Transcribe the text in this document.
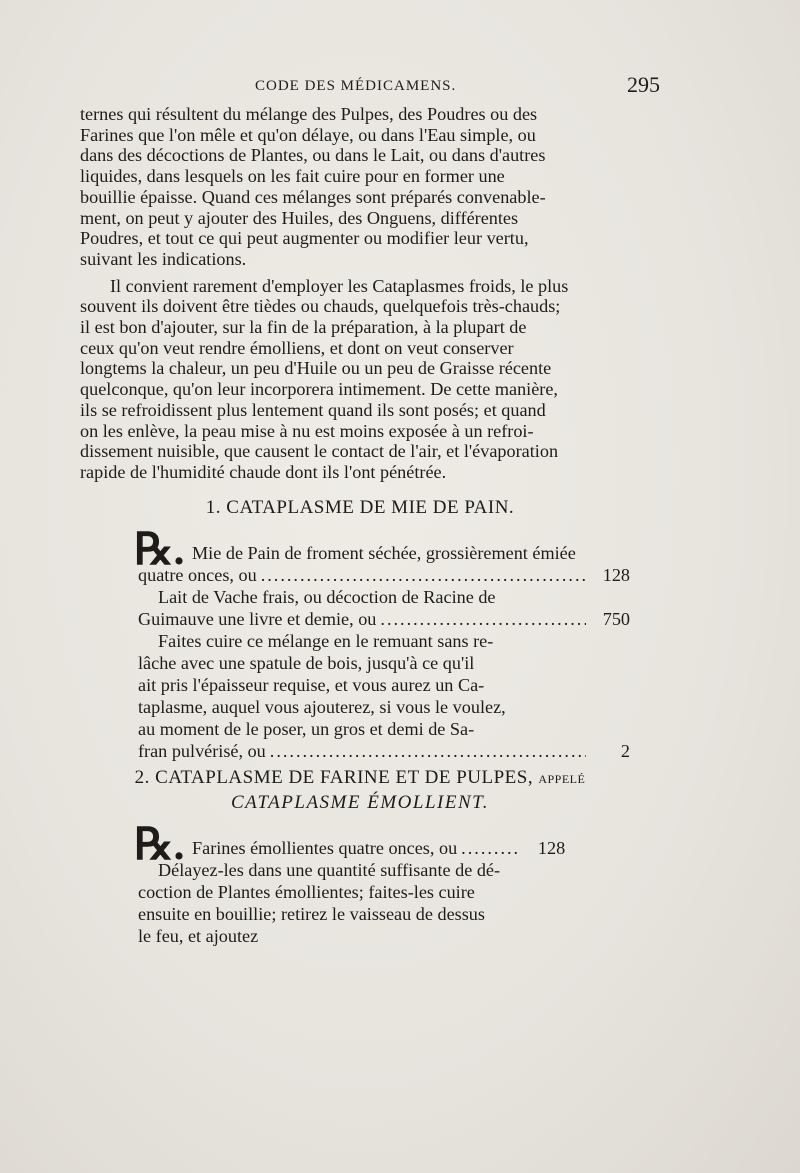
CODE DES MÉDICAMENS.	295

ternes qui résultent du mélange des Pulpes, des Poudres ou des
Farines que l'on mêle et qu'on délaye, ou dans l'Eau simple, ou
dans des décoctions de Plantes, ou dans le Lait, ou dans d'autres
liquides, dans lesquels on les fait cuire pour en former une
bouillie épaisse. Quand ces mélanges sont préparés convenable-
ment, on peut y ajouter des Huiles, des Onguens, différentes
Poudres, et tout ce qui peut augmenter ou modifier leur vertu,
suivant les indications.

Il convient rarement d'employer les Cataplasmes froids, le plus
souvent ils doivent être tièdes ou chauds, quelquefois très-chauds;
il est bon d'ajouter, sur la fin de la préparation, à la plupart de
ceux qu'on veut rendre émolliens, et dont on veut conserver
longtems la chaleur, un peu d'Huile ou un peu de Graisse récente
quelconque, qu'on leur incorporera intimement. De cette manière,
ils se refroidissent plus lentement quand ils sont posés; et quand
on les enlève, la peau mise à nu est moins exposée à un refroi-
dissement nuisible, que causent le contact de l'air, et l'évaporation
rapide de l'humidité chaude dont ils l'ont pénétrée.

1. CATAPLASME DE MIE DE PAIN.
℞. Mie de Pain de froment séchée, grossièrement émiée
quatre onces, ou .....	128
Lait de Vache frais, ou décoction de Racine de
Guimauve une livre et demie, ou .....	750
Faites cuire ce mélange en le remuant sans re-
lâche avec une spatule de bois, jusqu'à ce qu'il
ait pris l'épaisseur requise, et vous aurez un Ca-
taplasme, auquel vous ajouterez, si vous le voulez,
au moment de le poser, un gros et demi de Sa-
fran pulvérisé, ou .....	2
2. CATAPLASME DE FARINE ET DE PULPES, APPELÉ
CATAPLASME ÉMOLLIENT.
℞. Farines émollientes quatre onces, ou .....	128
Délayez-les dans une quantité suffisante de dé-
coction de Plantes émollientes; faites-les cuire
ensuite en bouillie; retirez le vaisseau de dessus
le feu, et ajoutez
